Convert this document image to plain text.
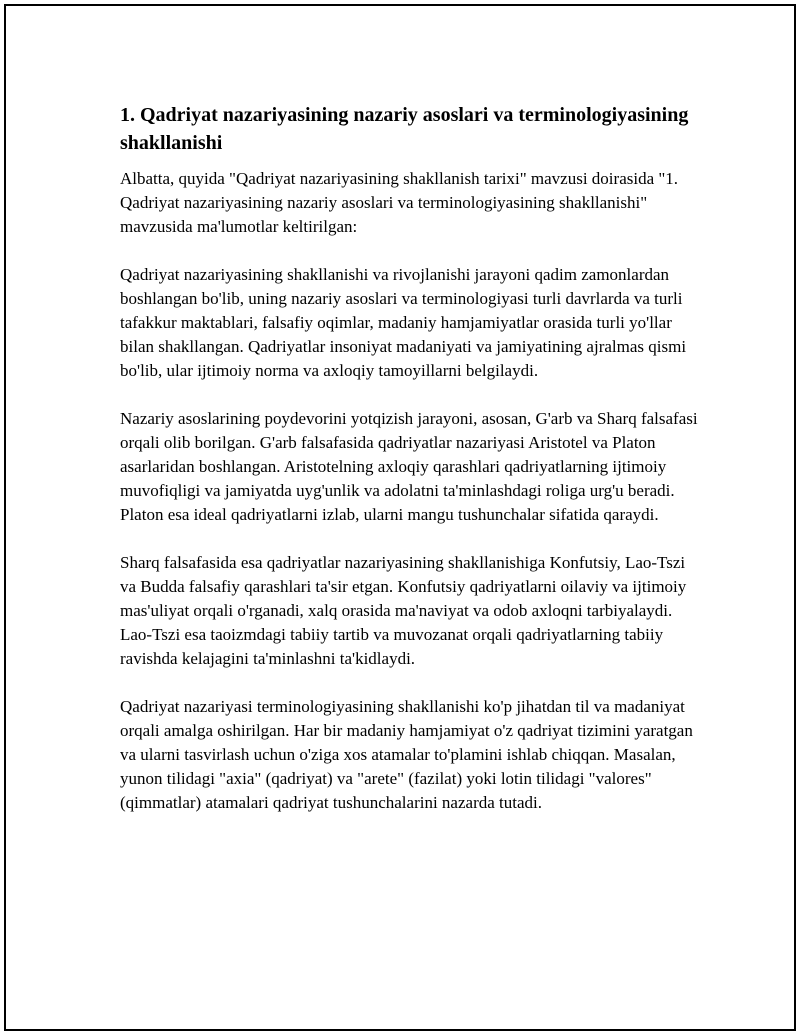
1. Qadriyat nazariyasining nazariy asoslari va terminologiyasining shakllanishi

Albatta, quyida "Qadriyat nazariyasining shakllanish tarixi" mavzusi doirasida "1. Qadriyat nazariyasining nazariy asoslari va terminologiyasining shakllanishi" mavzusida ma'lumotlar keltirilgan:

Qadriyat nazariyasining shakllanishi va rivojlanishi jarayoni qadim zamonlardan boshlangan bo'lib, uning nazariy asoslari va terminologiyasi turli davrlarda va turli tafakkur maktablari, falsafiy oqimlar, madaniy hamjamiyatlar orasida turli yo'llar bilan shakllangan. Qadriyatlar insoniyat madaniyati va jamiyatining ajralmas qismi bo'lib, ular ijtimoiy norma va axloqiy tamoyillarni belgilaydi.

Nazariy asoslarining poydevorini yotqizish jarayoni, asosan, G'arb va Sharq falsafasi orqali olib borilgan. G'arb falsafasida qadriyatlar nazariyasi Aristotel va Platon asarlaridan boshlangan. Aristotelning axloqiy qarashlari qadriyatlarning ijtimoiy muvofiqligi va jamiyatda uyg'unlik va adolatni ta'minlashdagi roliga urg'u beradi. Platon esa ideal qadriyatlarni izlab, ularni mangu tushunchalar sifatida qaraydi.

Sharq falsafasida esa qadriyatlar nazariyasining shakllanishiga Konfutsiy, Lao-Tszi va Budda falsafiy qarashlari ta'sir etgan. Konfutsiy qadriyatlarni oilaviy va ijtimoiy mas'uliyat orqali o'rganadi, xalq orasida ma'naviyat va odob axloqni tarbiyalaydi. Lao-Tszi esa taoizmdagi tabiiy tartib va muvozanat orqali qadriyatlarning tabiiy ravishda kelajagini ta'minlashni ta'kidlaydi.

Qadriyat nazariyasi terminologiyasining shakllanishi ko'p jihatdan til va madaniyat orqali amalga oshirilgan. Har bir madaniy hamjamiyat o'z qadriyat tizimini yaratgan va ularni tasvirlash uchun o'ziga xos atamalar to'plamini ishlab chiqqan. Masalan, yunon tilidagi "axia" (qadriyat) va "arete" (fazilat) yoki lotin tilidagi "valores" (qimmatlar) atamalari qadriyat tushunchalarini nazarda tutadi.
